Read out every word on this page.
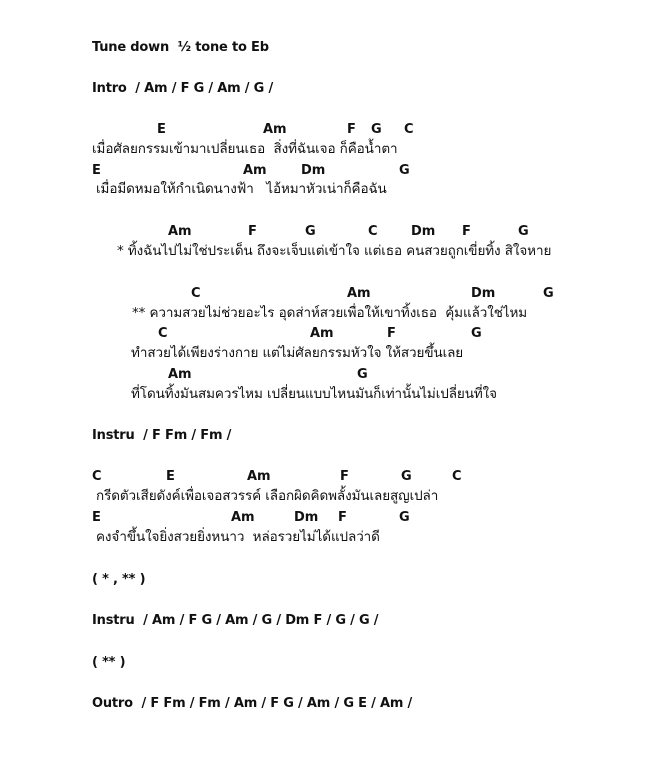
Tune down  ½ tone to Eb
Intro  / Am / F G / Am / G /
E	Am	F G C
เมื่อศัลยกรรมเข้ามาเปลี่ยนเธอ  สิ่งที่ฉันเจอ ก็คือน้ำตา
E	Am	Dm	G
เมื่อมีดหมอให้กำเนิดนางฟ้า   ไอ้หมาหัวเน่าก็คือฉัน
Am	F	G	C	Dm F	G
* ทิ้งฉันไปไม่ใช่ประเด็น ถึงจะเจ็บแต่เข้าใจ แต่เธอ คนสวยถูกเขี่ยทิ้ง สิใจหาย
C	Am	Dm	G
** ความสวยไม่ช่วยอะไร อุดส่าห์สวยเพื่อให้เขาทิ้งเธอ  คุ้มแล้วใช่ไหม
C	Am	F	G
ทำสวยได้เพียงร่างกาย แต่ไม่ศัลยกรรมหัวใจ ให้สวยขึ้นเลย
Am	G
ที่โดนทิ้งมันสมควรไหม เปลี่ยนแบบไหนมันก็เท่านั้นไม่เปลี่ยนที่ใจ
Instru  / F Fm / Fm /
C	E	Am	F	G	C
กรีดตัวเสียดังค์เพื่อเจอสวรรค์ เลือกผิดคิดพลั้งมันเลยสูญเปล่า
E	Am	Dm F	G
คงจำขึ้นใจยิ่งสวยยิ่งหนาว  หล่อรวยไม่ได้แปลว่าดี
( * , ** )
Instru  / Am / F G / Am / G / Dm F / G / G /
( ** )
Outro  / F Fm / Fm / Am / F G / Am / G E / Am /
